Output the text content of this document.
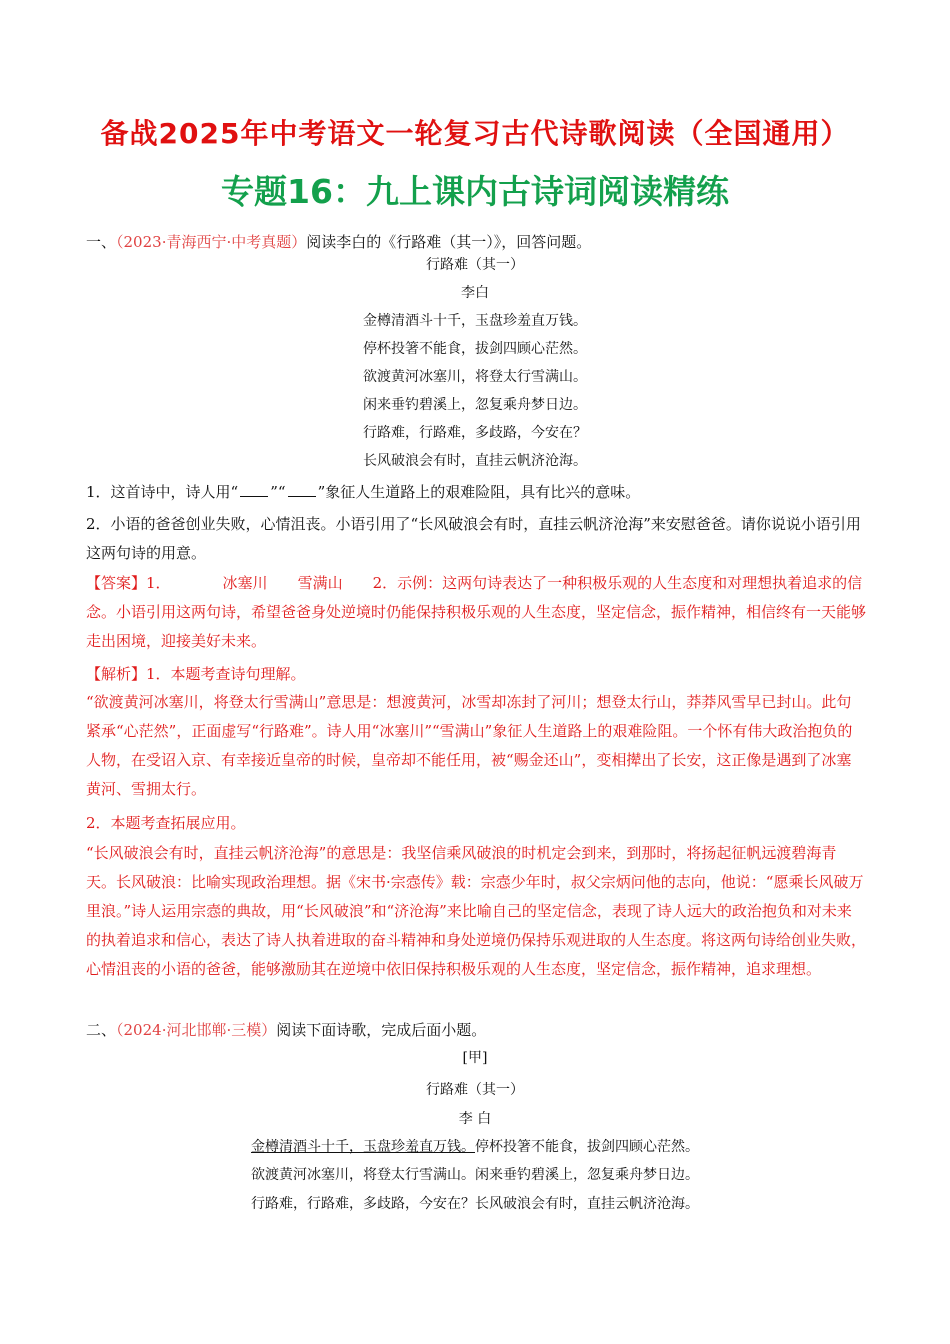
备战2025年中考语文一轮复习古代诗歌阅读（全国通用）
专题16：九上课内古诗词阅读精练
一、（2023·青海西宁·中考真题）阅读李白的《行路难（其一）》，回答问题。
行路难（其一）
李白
金樽清酒斗十千，玉盘珍羞直万钱。
停杯投箸不能食，拔剑四顾心茫然。
欲渡黄河冰塞川，将登太行雪满山。
闲来垂钓碧溪上，忽复乘舟梦日边。
行路难，行路难，多歧路，今安在？
长风破浪会有时，直挂云帆济沧海。
1．这首诗中，诗人用“ ”“ ”象征人生道路上的艰难险阻，具有比兴的意味。
2．小语的爸爸创业失败，心情沮丧。小语引用了“长风破浪会有时，直挂云帆济沧海”来安慰爸爸。请你说说小语引用这两句诗的用意。
【答案】1．	冰塞川 雪满山 2．示例：这两句诗表达了一种积极乐观的人生态度和对理想执着追求的信念。小语引用这两句诗，希望爸爸身处逆境时仍能保持积极乐观的人生态度，坚定信念，振作精神，相信终有一天能够走出困境，迎接美好未来。
【解析】1．本题考查诗句理解。
“欲渡黄河冰塞川，将登太行雪满山”意思是：想渡黄河，冰雪却冻封了河川；想登太行山，莽莽风雪早已封山。此句紧承“心茫然”，正面虚写“行路难”。诗人用“冰塞川”“雪满山”象征人生道路上的艰难险阻。一个怀有伟大政治抱负的人物，在受诏入京、有幸接近皇帝的时候，皇帝却不能任用，被“赐金还山”，变相撵出了长安，这正像是遇到了冰塞黄河、雪拥太行。
2．本题考查拓展应用。
“长风破浪会有时，直挂云帆济沧海”的意思是：我坚信乘风破浪的时机定会到来，到那时，将扬起征帆远渡碧海青天。长风破浪：比喻实现政治理想。据《宋书·宗悫传》载：宗悫少年时，叔父宗炳问他的志向，他说：“愿乘长风破万里浪。”诗人运用宗悫的典故，用“长风破浪”和“济沧海”来比喻自己的坚定信念，表现了诗人远大的政治抱负和对未来的执着追求和信心，表达了诗人执着进取的奋斗精神和身处逆境仍保持乐观进取的人生态度。将这两句诗给创业失败，心情沮丧的小语的爸爸，能够激励其在逆境中依旧保持积极乐观的人生态度，坚定信念，振作精神，追求理想。
二、（2024·河北邯郸·三模）阅读下面诗歌，完成后面小题。
[甲]
行路难（其一）
李 白
金樽清酒斗十千，玉盘珍羞直万钱。停杯投箸不能食，拔剑四顾心茫然。
欲渡黄河冰塞川，将登太行雪满山。闲来垂钓碧溪上，忽复乘舟梦日边。
行路难，行路难，多歧路，今安在？长风破浪会有时，直挂云帆济沧海。
